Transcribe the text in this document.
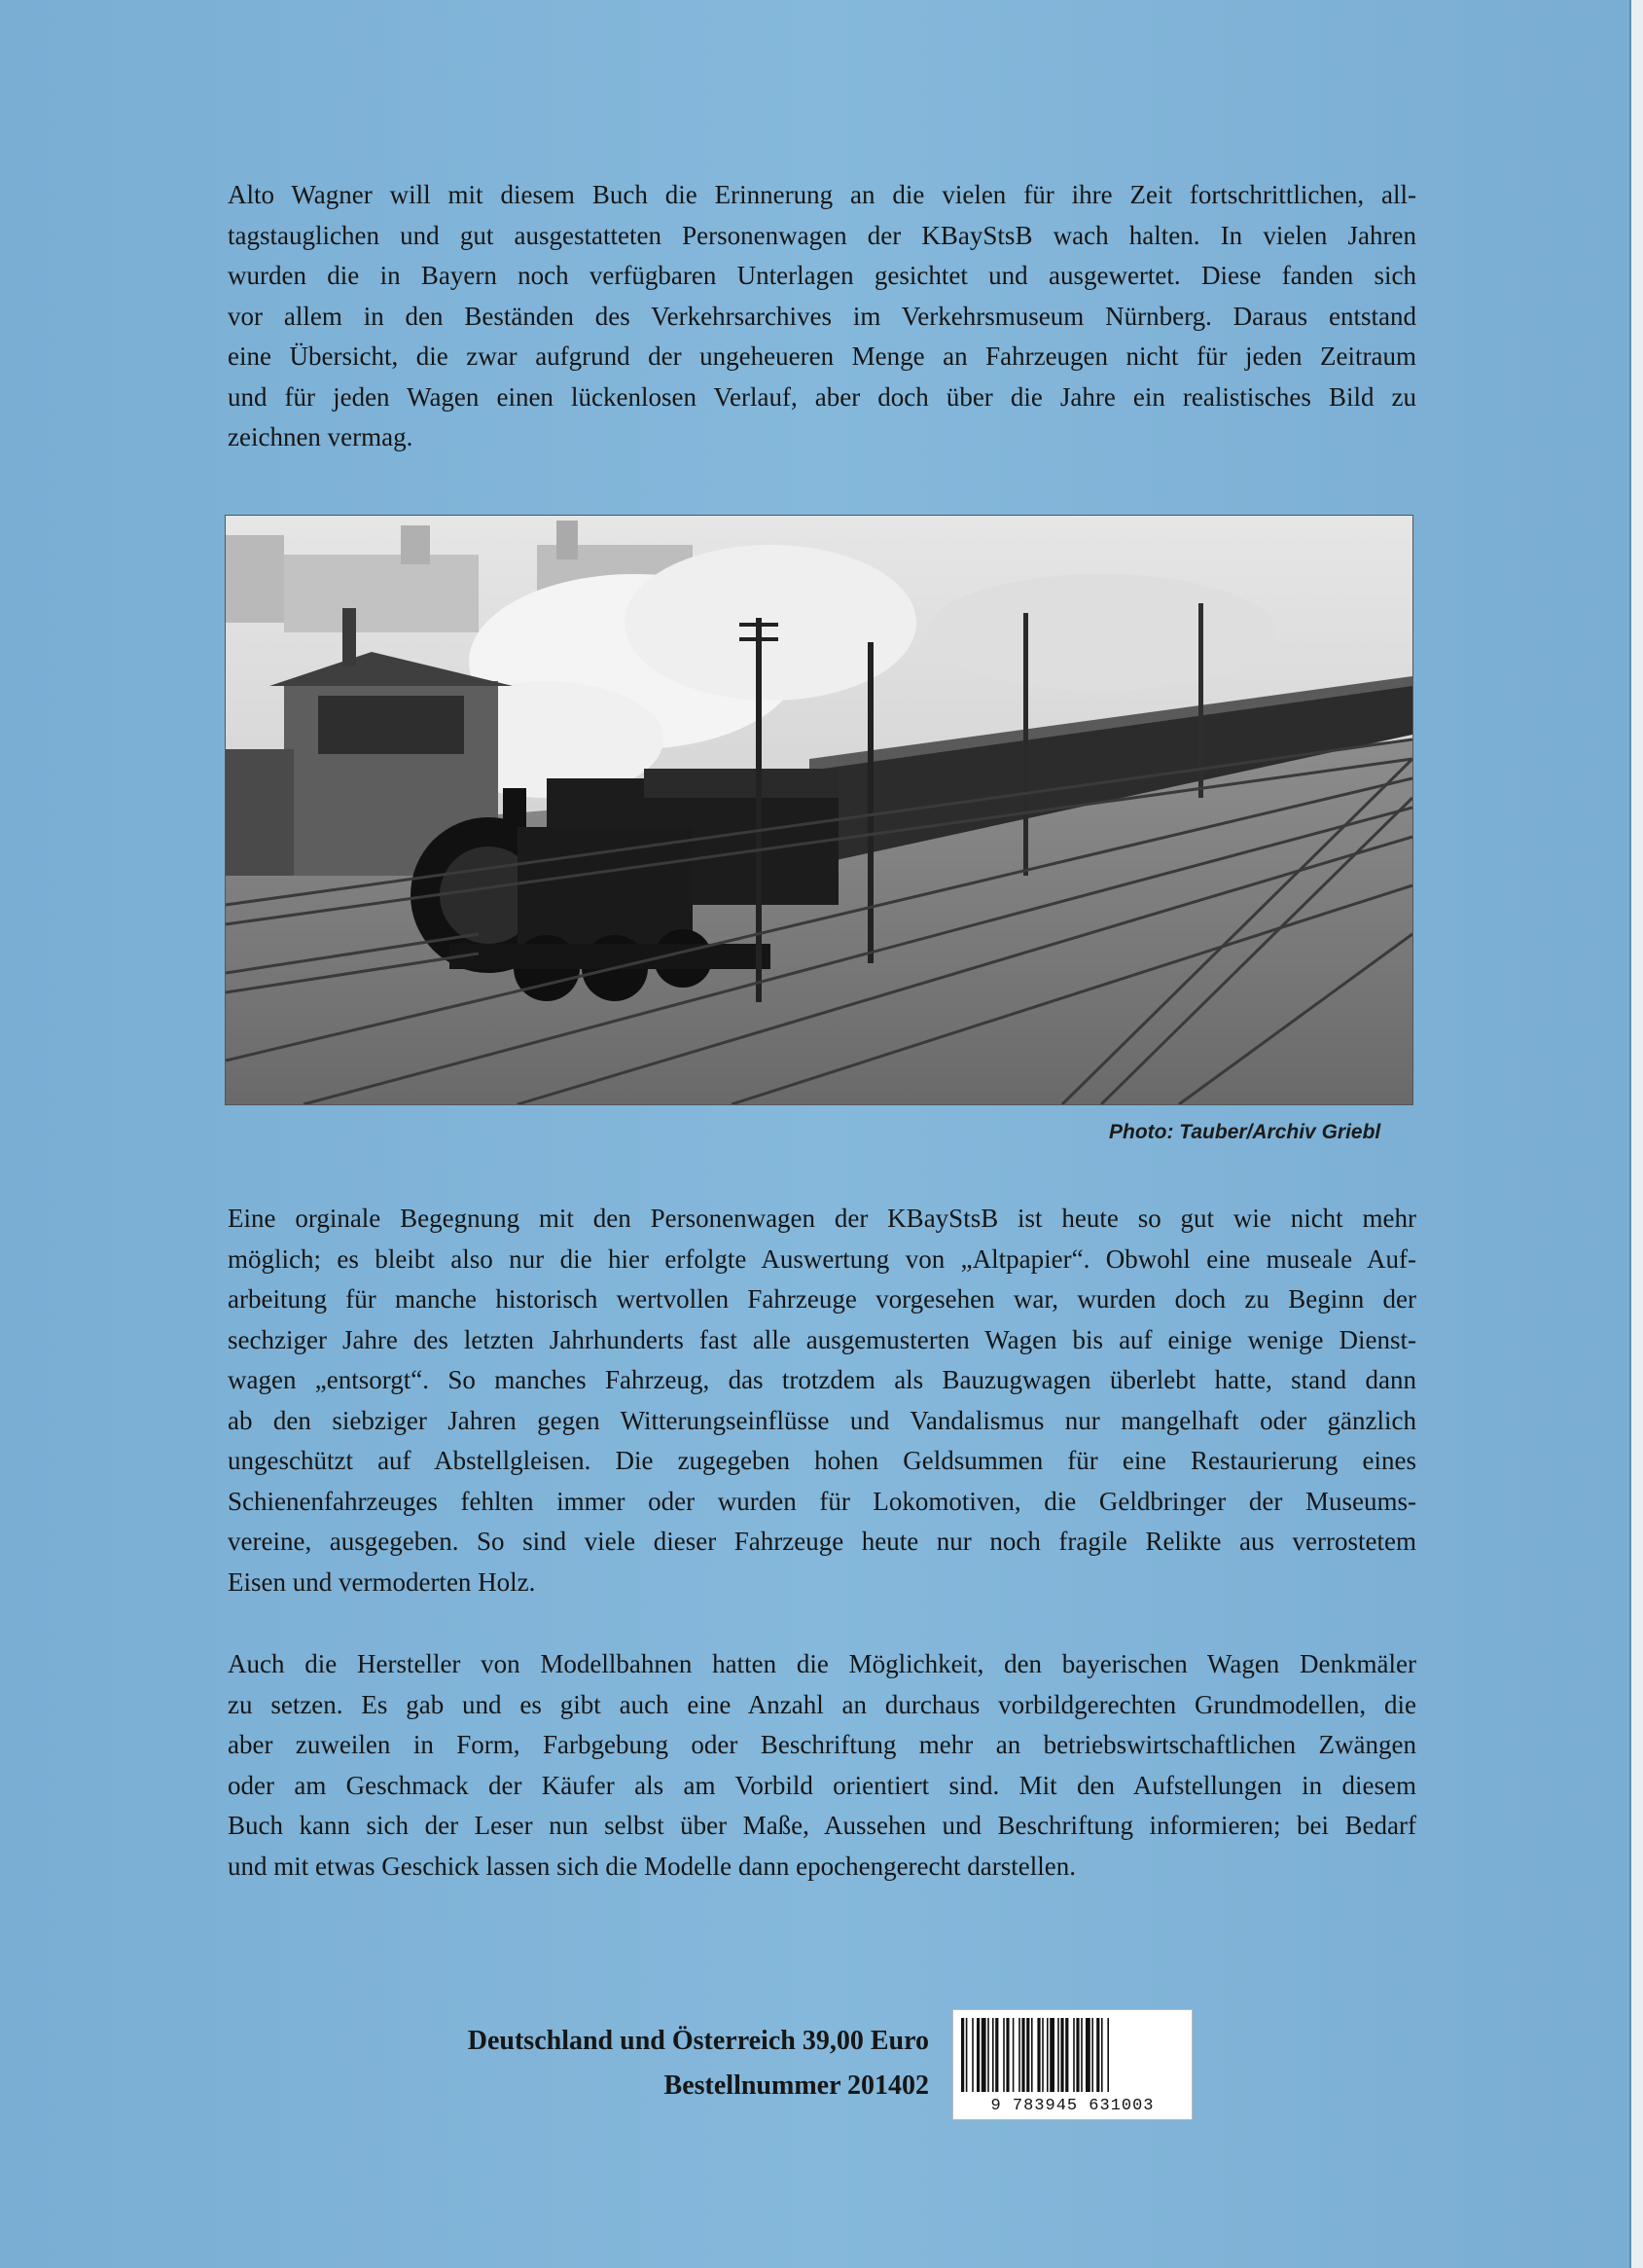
Alto Wagner will mit diesem Buch die Erinnerung an die vielen für ihre Zeit fortschrittlichen, all-
tagstauglichen und gut ausgestatteten Personenwagen der KBayStsB wach halten. In vielen Jahren
wurden die in Bayern noch verfügbaren Unterlagen gesichtet und ausgewertet. Diese fanden sich
vor allem in den Beständen des Verkehrsarchives im Verkehrsmuseum Nürnberg. Daraus entstand
eine Übersicht, die zwar aufgrund der ungeheueren Menge an Fahrzeugen nicht für jeden Zeitraum
und für jeden Wagen einen lückenlosen Verlauf, aber doch über die Jahre ein realistisches Bild zu
zeichnen vermag.
Photo: Tauber/Archiv Griebl
Eine orginale Begegnung mit den Personenwagen der KBayStsB ist heute so gut wie nicht mehr
möglich; es bleibt also nur die hier erfolgte Auswertung von „Altpapier“. Obwohl eine museale Auf-
arbeitung für manche historisch wertvollen Fahrzeuge vorgesehen war, wurden doch zu Beginn der
sechziger Jahre des letzten Jahrhunderts fast alle ausgemusterten Wagen bis auf einige wenige Dienst-
wagen „entsorgt“. So manches Fahrzeug, das trotzdem als Bauzugwagen überlebt hatte, stand dann
ab den siebziger Jahren gegen Witterungseinflüsse und Vandalismus nur mangelhaft oder gänzlich
ungeschützt auf Abstellgleisen. Die zugegeben hohen Geldsummen für eine Restaurierung eines
Schienenfahrzeuges fehlten immer oder wurden für Lokomotiven, die Geldbringer der Museums-
vereine, ausgegeben. So sind viele dieser Fahrzeuge heute nur noch fragile Relikte aus verrostetem
Eisen und vermoderten Holz.
Auch die Hersteller von Modellbahnen hatten die Möglichkeit, den bayerischen Wagen Denkmäler
zu setzen. Es gab und es gibt auch eine Anzahl an durchaus vorbildgerechten Grundmodellen, die
aber zuweilen in Form, Farbgebung oder Beschriftung mehr an betriebswirtschaftlichen Zwängen
oder am Geschmack der Käufer als am Vorbild orientiert sind. Mit den Aufstellungen in diesem
Buch kann sich der Leser nun selbst über Maße, Aussehen und Beschriftung informieren; bei Bedarf
und mit etwas Geschick lassen sich die Modelle dann epochengerecht darstellen.
Deutschland und Österreich 39,00 Euro
Bestellnummer 201402
9 783945 631003
